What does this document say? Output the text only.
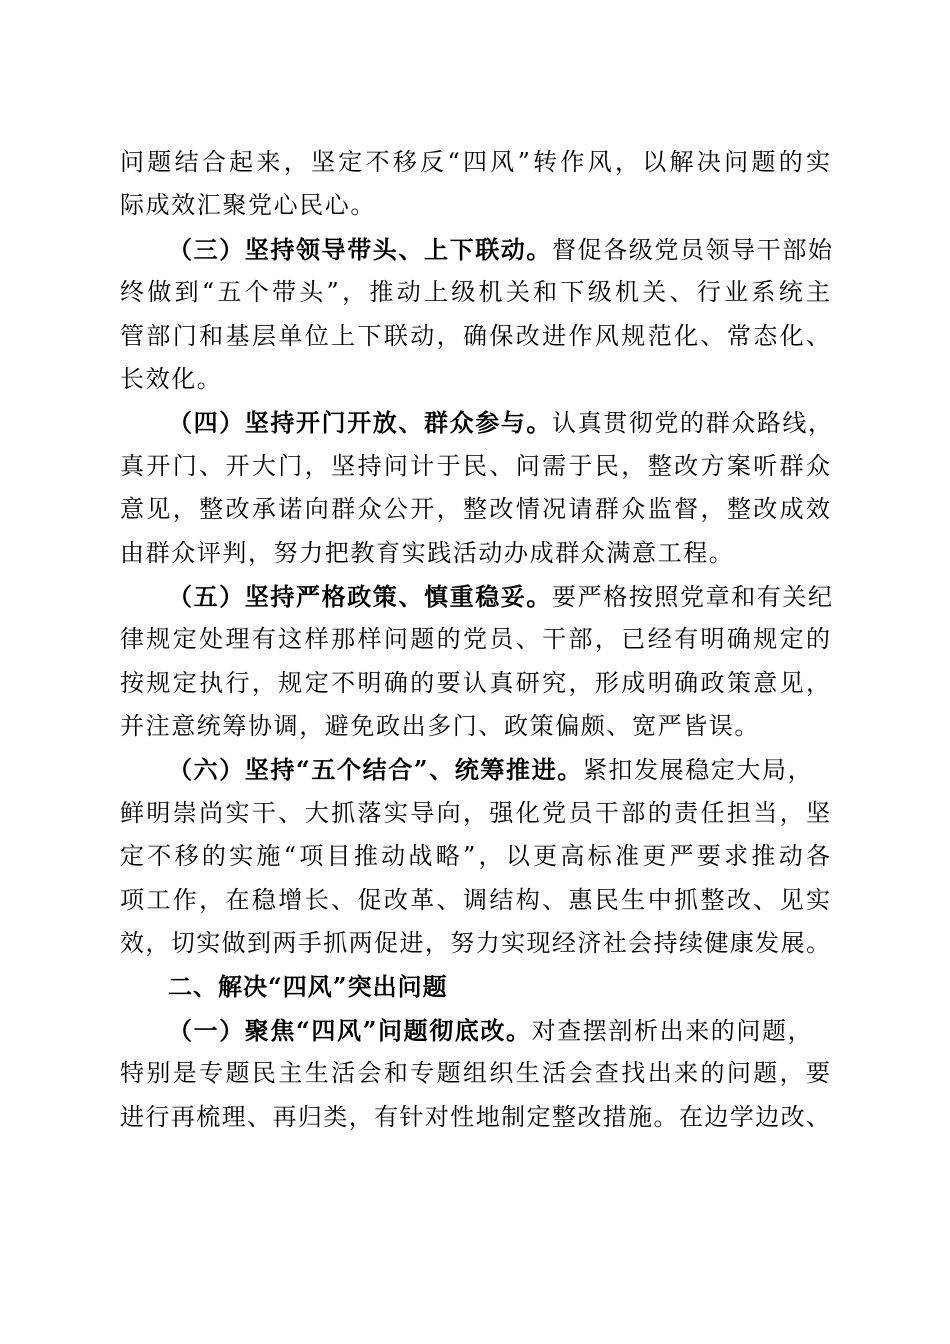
问题结合起来，坚定不移反“四风”转作风，以解决问题的实
际成效汇聚党心民心。
（三）坚持领导带头、上下联动。督促各级党员领导干部始
终做到“五个带头”，推动上级机关和下级机关、行业系统主
管部门和基层单位上下联动，确保改进作风规范化、常态化、
长效化。
（四）坚持开门开放、群众参与。认真贯彻党的群众路线，
真开门、开大门，坚持问计于民、问需于民，整改方案听群众
意见，整改承诺向群众公开，整改情况请群众监督，整改成效
由群众评判，努力把教育实践活动办成群众满意工程。
（五）坚持严格政策、慎重稳妥。要严格按照党章和有关纪
律规定处理有这样那样问题的党员、干部，已经有明确规定的
按规定执行，规定不明确的要认真研究，形成明确政策意见，
并注意统筹协调，避免政出多门、政策偏颇、宽严皆误。
（六）坚持“五个结合”、统筹推进。紧扣发展稳定大局，
鲜明崇尚实干、大抓落实导向，强化党员干部的责任担当，坚
定不移的实施“项目推动战略”，以更高标准更严要求推动各
项工作，在稳增长、促改革、调结构、惠民生中抓整改、见实
效，切实做到两手抓两促进，努力实现经济社会持续健康发展。
二、解决“四风”突出问题
（一）聚焦“四风”问题彻底改。对查摆剖析出来的问题，
特别是专题民主生活会和专题组织生活会查找出来的问题，要
进行再梳理、再归类，有针对性地制定整改措施。在边学边改、
